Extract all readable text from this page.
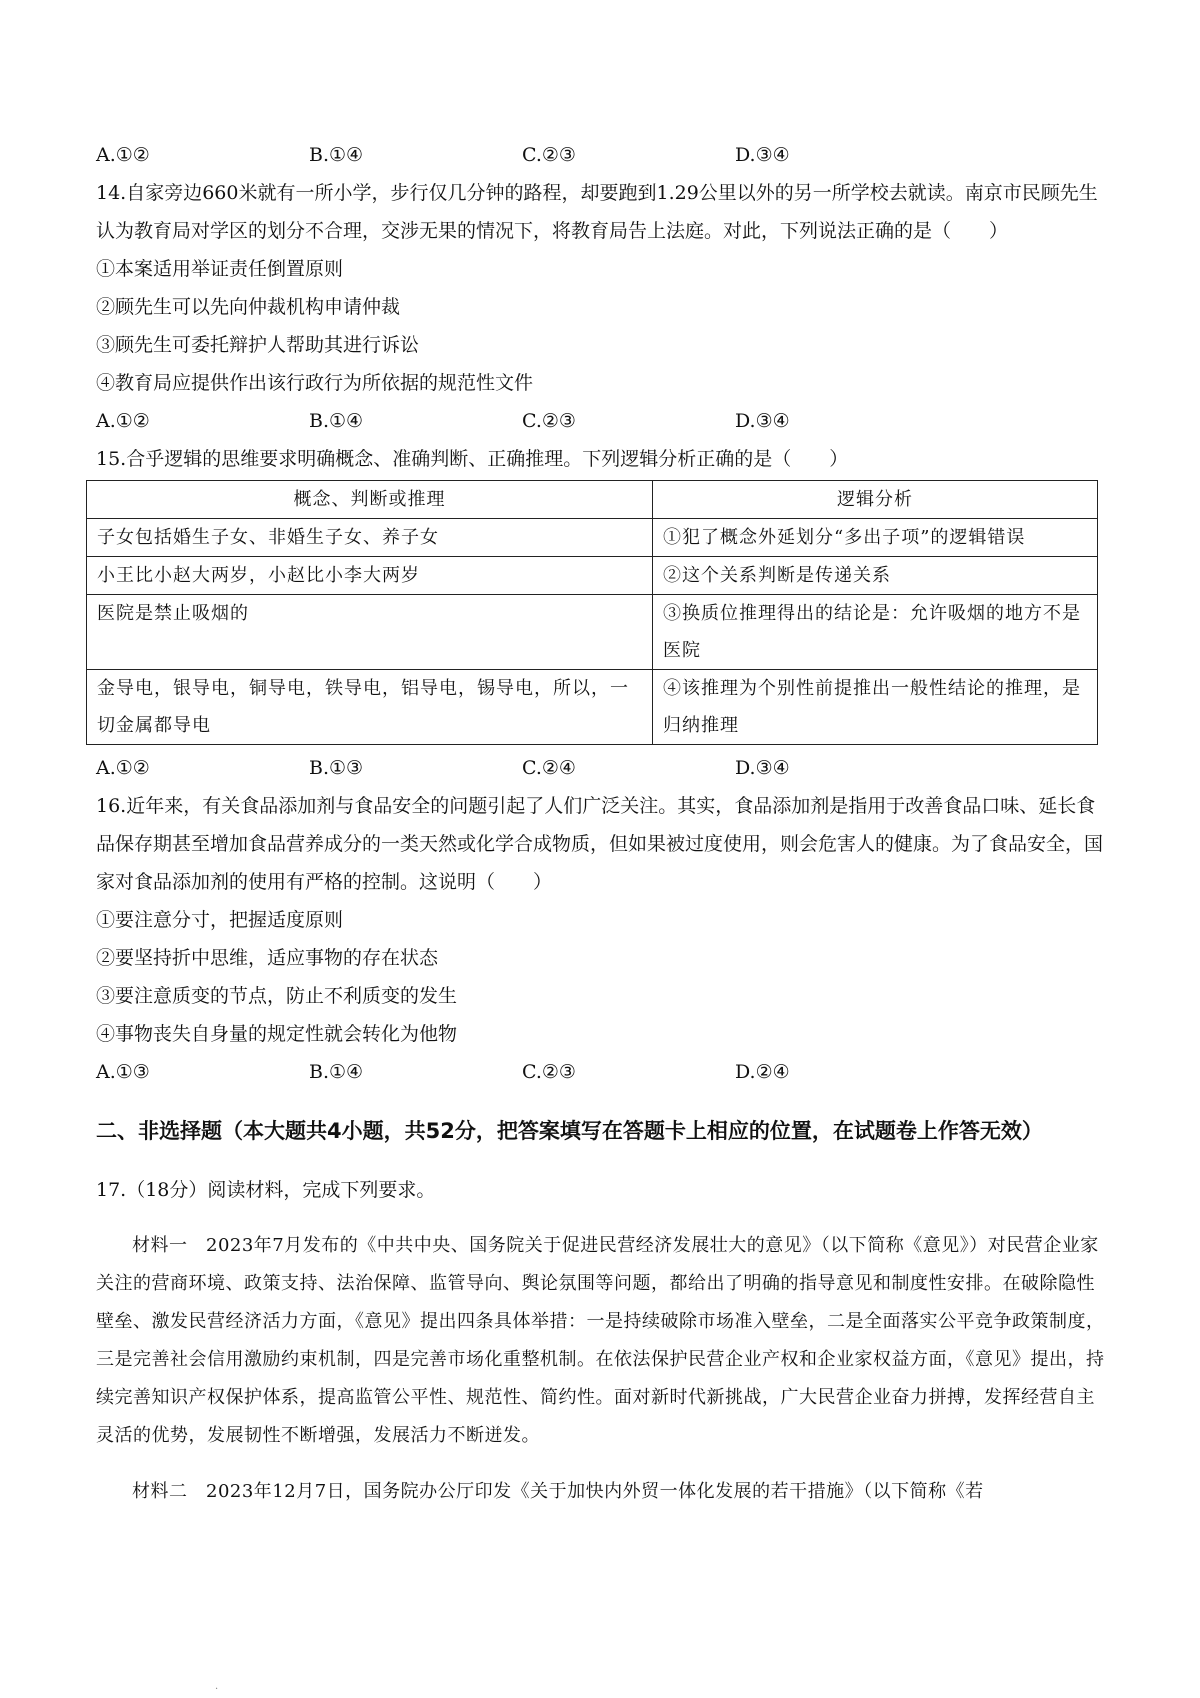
A.①②	B.①④	C.②③	D.③④

14.自家旁边660米就有一所小学，步行仅几分钟的路程，却要跑到1.29公里以外的另一所学校去就读。南京市民顾先生认为教育局对学区的划分不合理，交涉无果的情况下，将教育局告上法庭。对此，下列说法正确的是（　　）

①本案适用举证责任倒置原则

②顾先生可以先向仲裁机构申请仲裁

③顾先生可委托辩护人帮助其进行诉讼

④教育局应提供作出该行政行为所依据的规范性文件

A.①②	B.①④	C.②③	D.③④

15.合乎逻辑的思维要求明确概念、准确判断、正确推理。下列逻辑分析正确的是（　　）

概念、判断或推理	逻辑分析
子女包括婚生子女、非婚生子女、养子女	①犯了概念外延划分“多出子项”的逻辑错误
小王比小赵大两岁，小赵比小李大两岁	②这个关系判断是传递关系
医院是禁止吸烟的	③换质位推理得出的结论是：允许吸烟的地方不是医院
金导电，银导电，铜导电，铁导电，铝导电，锡导电，所以，一切金属都导电	④该推理为个别性前提推出一般性结论的推理，是归纳推理
A.①②	B.①③	C.②④	D.③④

16.近年来，有关食品添加剂与食品安全的问题引起了人们广泛关注。其实，食品添加剂是指用于改善食品口味、延长食品保存期甚至增加食品营养成分的一类天然或化学合成物质，但如果被过度使用，则会危害人的健康。为了食品安全，国家对食品添加剂的使用有严格的控制。这说明（　　）

①要注意分寸，把握适度原则

②要坚持折中思维，适应事物的存在状态

③要注意质变的节点，防止不利质变的发生

④事物丧失自身量的规定性就会转化为他物

A.①③	B.①④	C.②③	D.②④

二、非选择题（本大题共4小题，共52分，把答案填写在答题卡上相应的位置，在试题卷上作答无效）

17.（18分）阅读材料，完成下列要求。

材料一　2023年7月发布的《中共中央、国务院关于促进民营经济发展壮大的意见》（以下简称《意见》）对民营企业家关注的营商环境、政策支持、法治保障、监管导向、舆论氛围等问题，都给出了明确的指导意见和制度性安排。在破除隐性壁垒、激发民营经济活力方面，《意见》提出四条具体举措：一是持续破除市场准入壁垒，二是全面落实公平竞争政策制度，三是完善社会信用激励约束机制，四是完善市场化重整机制。在依法保护民营企业产权和企业家权益方面，《意见》提出，持续完善知识产权保护体系，提高监管公平性、规范性、简约性。面对新时代新挑战，广大民营企业奋力拼搏，发挥经营自主灵活的优势，发展韧性不断增强，发展活力不断迸发。

材料二　2023年12月7日，国务院办公厅印发《关于加快内外贸一体化发展的若干措施》（以下简称《若

·
